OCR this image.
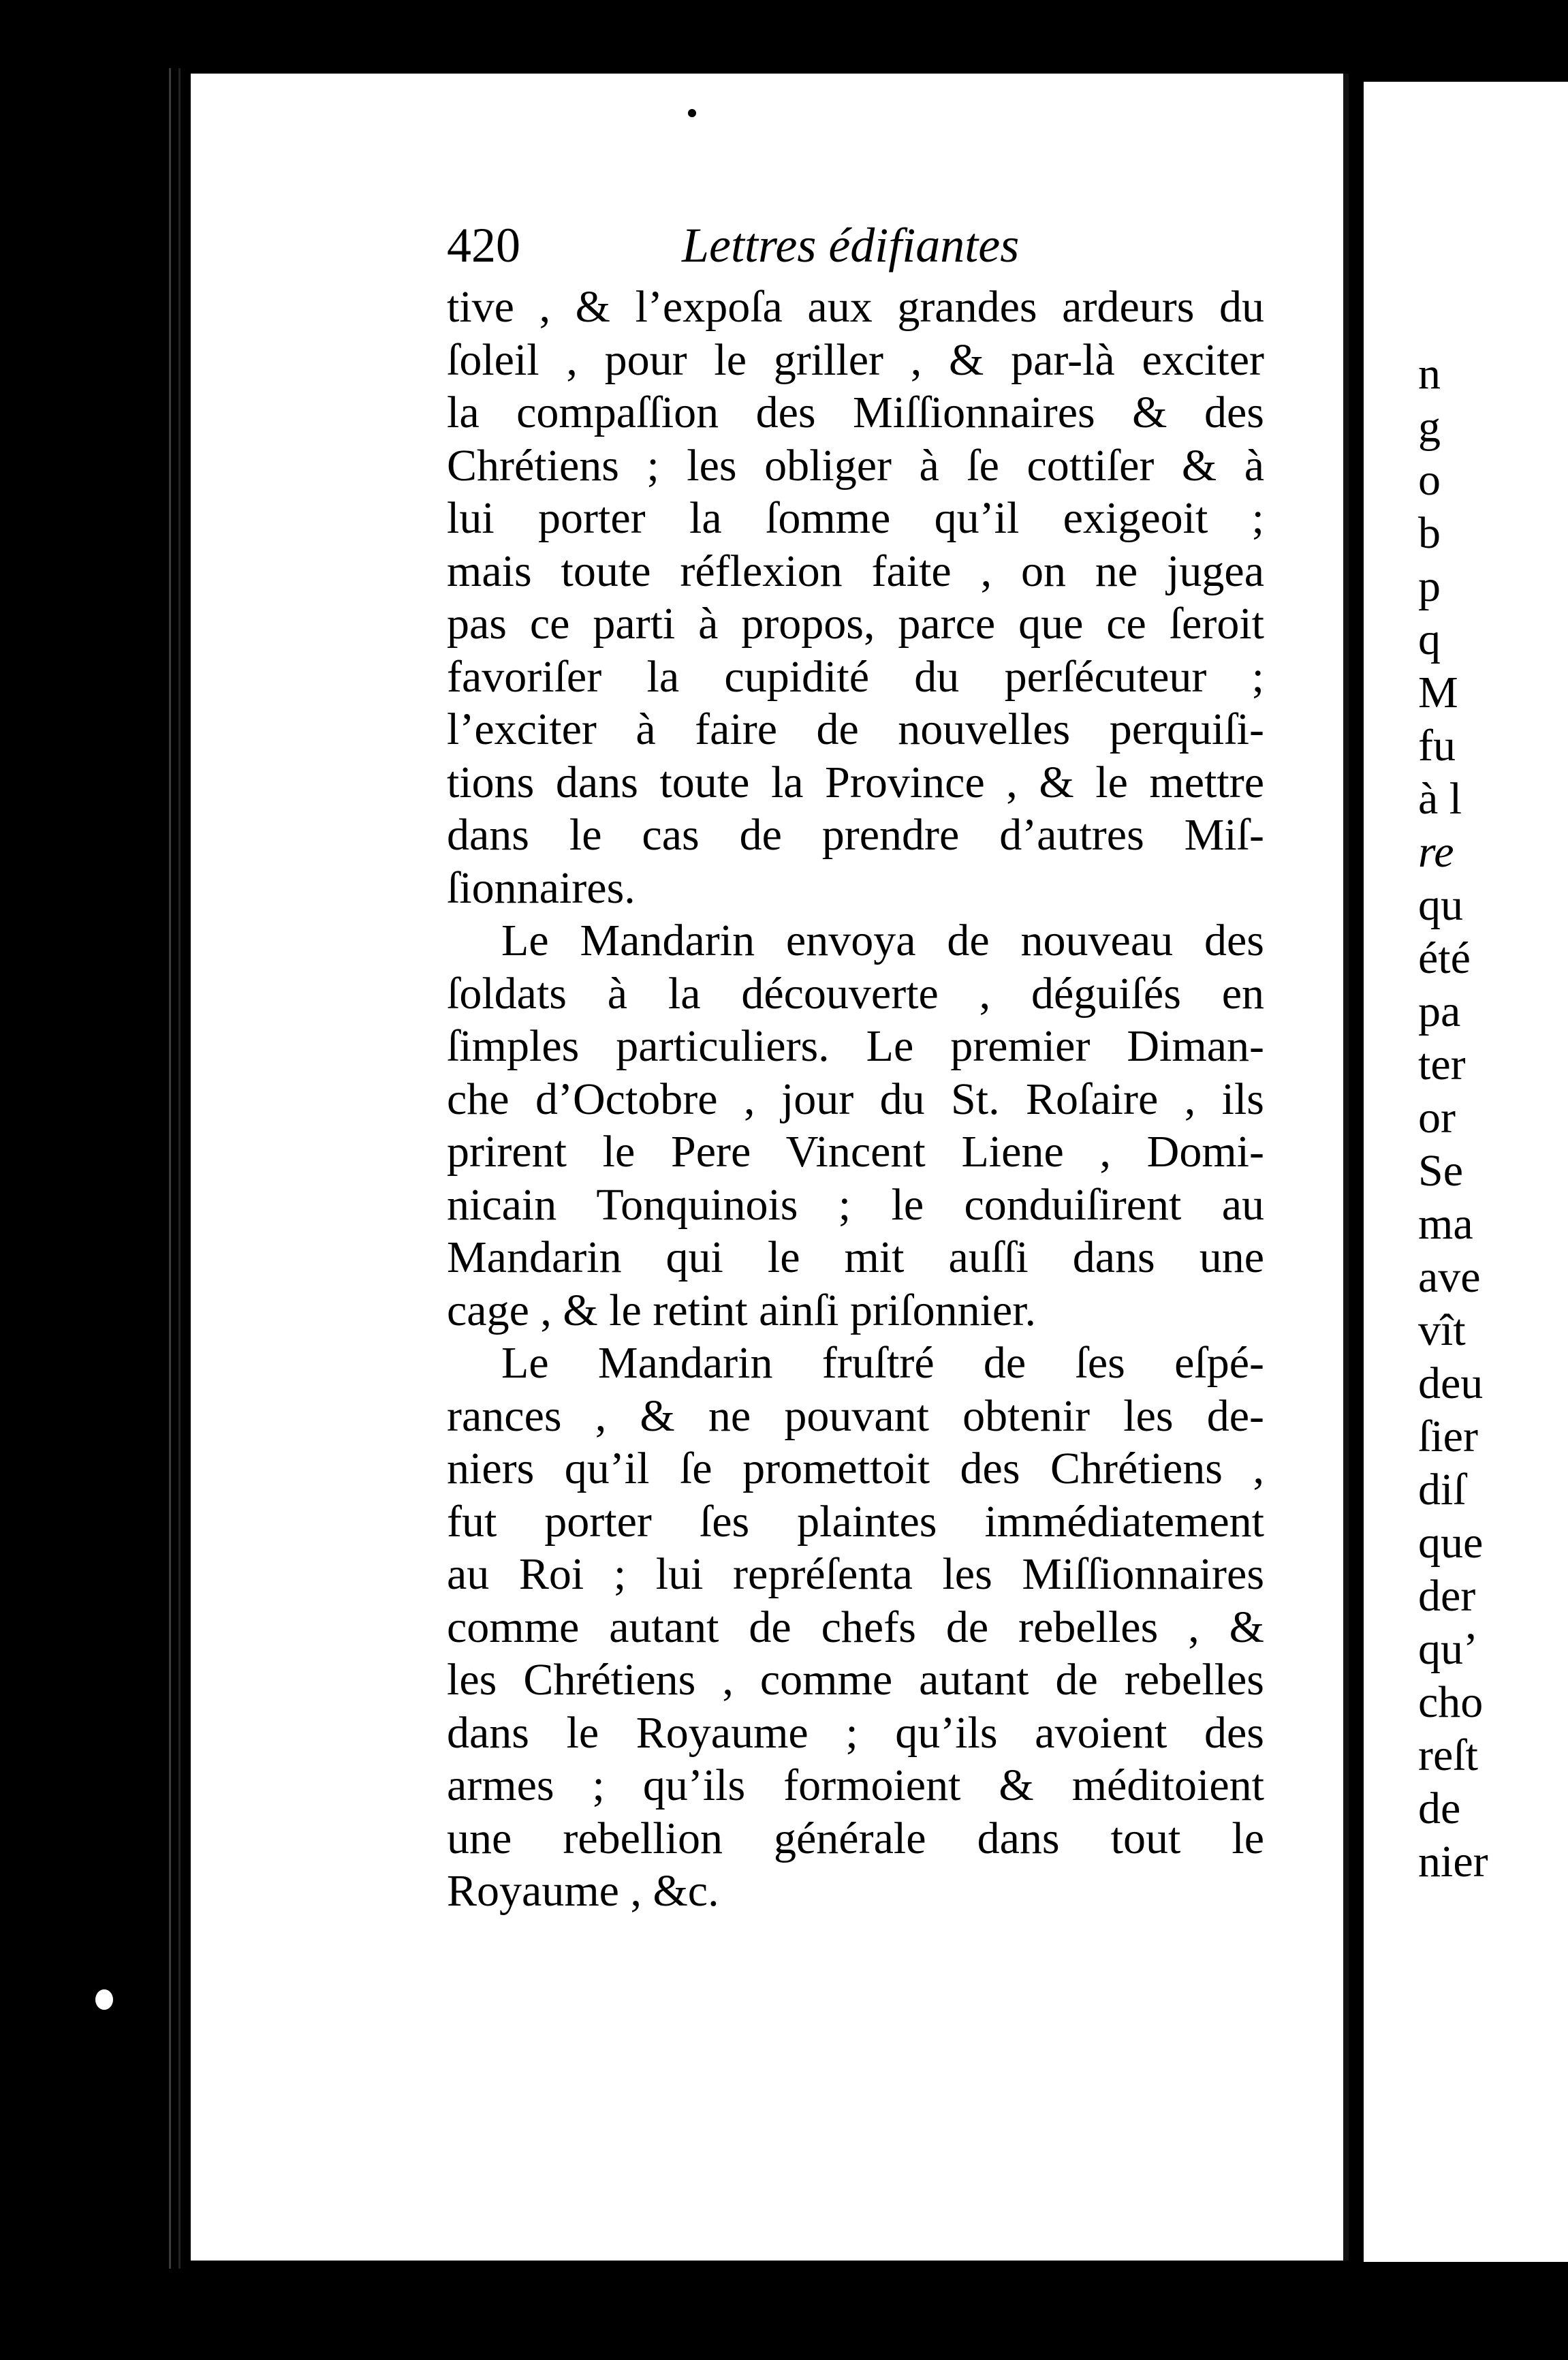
420	Lettres édifiantes
tive , & l’expoſa aux grandes ardeurs du
ſoleil , pour le griller , & par-là exciter
la compaſſion des Miſſionnaires & des
Chrétiens ; les obliger à ſe cottiſer & à
lui porter la ſomme qu’il exigeoit ;
mais toute réflexion faite , on ne jugea
pas ce parti à propos, parce que ce ſeroit
favoriſer la cupidité du perſécuteur ;
l’exciter à faire de nouvelles perquiſi-
tions dans toute la Province , & le mettre
dans le cas de prendre d’autres Miſ-
ſionnaires.
Le Mandarin envoya de nouveau des
ſoldats à la découverte , déguiſés en
ſimples particuliers. Le premier Diman-
che d’Octobre , jour du St. Roſaire , ils
prirent le Pere Vincent Liene , Domi-
nicain Tonquinois ; le conduiſirent au
Mandarin qui le mit auſſi dans une
cage , & le retint ainſi priſonnier.
Le Mandarin fruſtré de ſes eſpé-
rances , & ne pouvant obtenir les de-
niers qu’il ſe promettoit des Chrétiens ,
fut porter ſes plaintes immédiatement
au Roi ; lui repréſenta les Miſſionnaires
comme autant de chefs de rebelles , &
les Chrétiens , comme autant de rebelles
dans le Royaume ; qu’ils avoient des
armes ; qu’ils formoient & méditoient
une rebellion générale dans tout le
Royaume , &c.
n
g
o
b
p
q
M
fu
à l
re
qu
été
pa
ter
or
Se
ma
ave
vît
deu
ſier
diſ
que
der
qu’
cho
reſt
de
nier
